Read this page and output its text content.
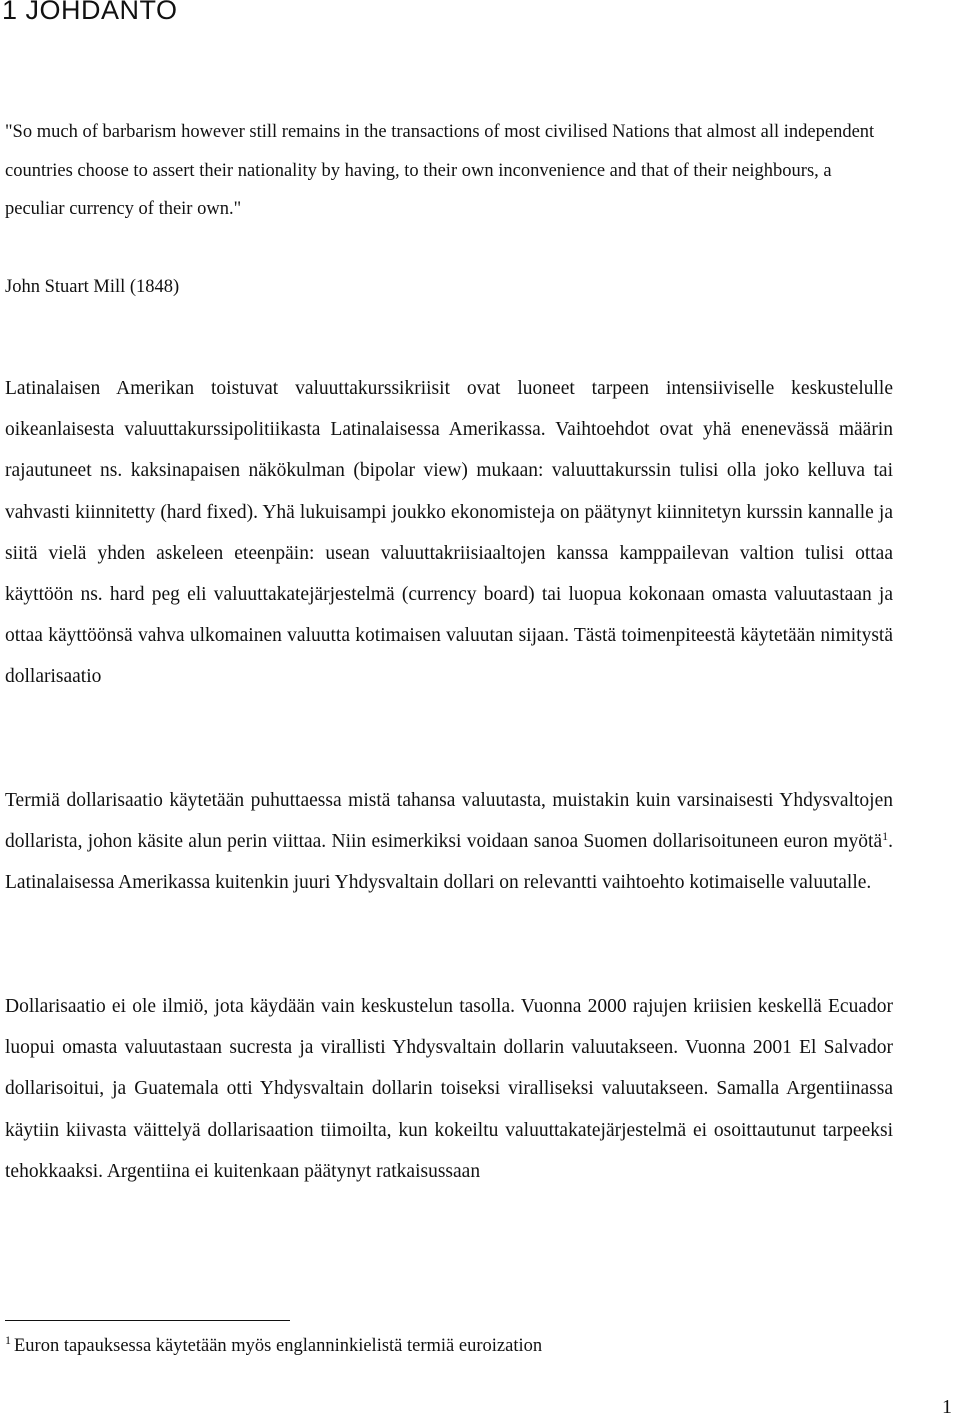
1 JOHDANTO

"So much of barbarism however still remains in the transactions of most civilised Nations that almost all independent countries choose to assert their nationality by having, to their own inconvenience and that of their neighbours, a peculiar currency of their own."

John Stuart Mill (1848)

Latinalaisen Amerikan toistuvat valuuttakurssikriisit ovat luoneet tarpeen intensiiviselle keskustelulle oikeanlaisesta valuuttakurssipolitiikasta Latinalaisessa Amerikassa. Vaihtoehdot ovat yhä enenevässä määrin rajautuneet ns. kaksinapaisen näkökulman (bipolar view) mukaan: valuuttakurssin tulisi olla joko kelluva tai vahvasti kiinnitetty (hard fixed). Yhä lukuisampi joukko ekonomisteja on päätynyt kiinnitetyn kurssin kannalle ja siitä vielä yhden askeleen eteenpäin: usean valuuttakriisiaaltojen kanssa kamppailevan valtion tulisi ottaa käyttöön ns. hard peg eli valuuttakatejärjestelmä (currency board) tai luopua kokonaan omasta valuutastaan ja ottaa käyttöönsä vahva ulkomainen valuutta kotimaisen valuutan sijaan. Tästä toimenpiteestä käytetään nimitystä dollarisaatio

Termiä dollarisaatio käytetään puhuttaessa mistä tahansa valuutasta, muistakin kuin varsinaisesti Yhdysvaltojen dollarista, johon käsite alun perin viittaa. Niin esimerkiksi voidaan sanoa Suomen dollarisoituneen euron myötä$^1$. Latinalaisessa Amerikassa kuitenkin juuri Yhdysvaltain dollari on relevantti vaihtoehto kotimaiselle valuutalle.

Dollarisaatio ei ole ilmiö, jota käydään vain keskustelun tasolla. Vuonna 2000 rajujen kriisien keskellä Ecuador luopui omasta valuutastaan sucresta ja virallisti Yhdysvaltain dollarin valuutakseen. Vuonna 2001 El Salvador dollarisoitui, ja Guatemala otti Yhdysvaltain dollarin toiseksi viralliseksi valuutakseen. Samalla Argentiinassa käytiin kiivasta väittelyä dollarisaation tiimoilta, kun kokeiltu valuuttakatejärjestelmä ei osoittautunut tarpeeksi tehokkaaksi. Argentiina ei kuitenkaan päätynyt ratkaisussaan

$^1$ Euron tapauksessa käytetään myös englanninkielistä termiä euroization

1
